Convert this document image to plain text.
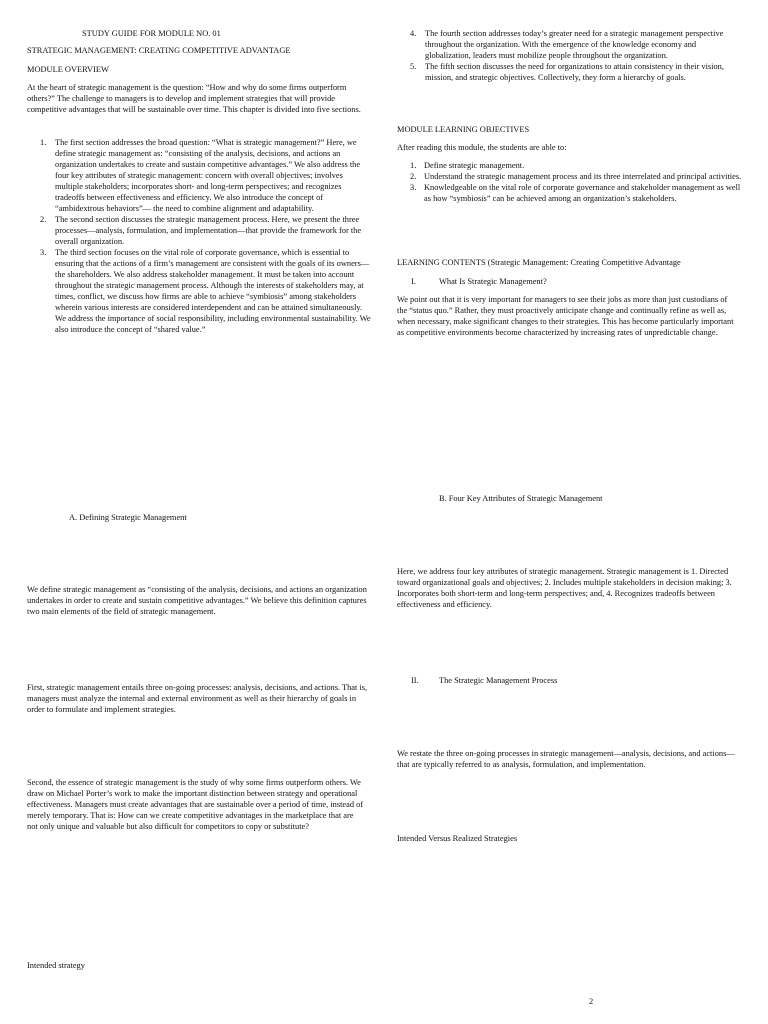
STUDY GUIDE FOR MODULE NO. 01
STRATEGIC MANAGEMENT: CREATING COMPETITIVE ADVANTAGE
MODULE OVERVIEW

At the heart of strategic management is the question: “How and why do some firms outperform others?” The challenge to managers is to develop and implement strategies that will provide competitive advantages that will be sustainable over time. This chapter is divided into five sections.

1. The first section addresses the broad question: “What is strategic management?” Here, we define strategic management as: “consisting of the analysis, decisions, and actions an organization undertakes to create and sustain competitive advantages.” We also address the four key attributes of strategic management: concern with overall objectives; involves multiple stakeholders; incorporates short- and long-term perspectives; and recognizes tradeoffs between effectiveness and efficiency. We also introduce the concept of “ambidextrous behaviors”— the need to combine alignment and adaptability.
2. The second section discusses the strategic management process. Here, we present the three processes—analysis, formulation, and implementation—that provide the framework for the overall organization.
3. The third section focuses on the vital role of corporate governance, which is essential to ensuring that the actions of a firm’s management are consistent with the goals of its owners—the shareholders. We also address stakeholder management. It must be taken into account throughout the strategic management process. Although the interests of stakeholders may, at times, conflict, we discuss how firms are able to achieve “symbiosis” among stakeholders wherein various interests are considered interdependent and can be attained simultaneously. We address the importance of social responsibility, including environmental sustainability. We also introduce the concept of “shared value.”
A. Defining Strategic Management

We define strategic management as “consisting of the analysis, decisions, and actions an organization undertakes in order to create and sustain competitive advantages.” We believe this definition captures two main elements of the field of strategic management.

First, strategic management entails three on-going processes: analysis, decisions, and actions. That is, managers must analyze the internal and external environment as well as their hierarchy of goals in order to formulate and implement strategies.

Second, the essence of strategic management is the study of why some firms outperform others. We draw on Michael Porter’s work to make the important distinction between strategy and operational effectiveness. Managers must create advantages that are sustainable over a period of time, instead of merely temporary. That is: How can we create competitive advantages in the marketplace that are not only unique and valuable but also difficult for competitors to copy or substitute?

Intended strategy
4. The fourth section addresses today’s greater need for a strategic management perspective throughout the organization. With the emergence of the knowledge economy and globalization, leaders must mobilize people throughout the organization.
5. The fifth section discusses the need for organizations to attain consistency in their vision, mission, and strategic objectives. Collectively, they form a hierarchy of goals.
MODULE LEARNING OBJECTIVES
After reading this module, the students are able to:
1. Define strategic management.
2. Understand the strategic management process and its three interrelated and principal activities.
3. Knowledgeable on the vital role of corporate governance and stakeholder management as well as how “symbiosis” can be achieved among an organization’s stakeholders.
LEARNING CONTENTS (Strategic Management: Creating Competitive Advantage
I.	What Is Strategic Management?

We point out that it is very important for managers to see their jobs as more than just custodians of the “status quo.” Rather, they must proactively anticipate change and continually refine as well as, when necessary, make significant changes to their strategies. This has become particularly important as competitive environments become characterized by increasing rates of unpredictable change.

B. Four Key Attributes of Strategic Management

Here, we address four key attributes of strategic management. Strategic management is 1. Directed toward organizational goals and objectives; 2. Includes multiple stakeholders in decision making; 3. Incorporates both short-term and long-term perspectives; and, 4. Recognizes tradeoffs between effectiveness and efficiency.

II. The Strategic Management Process

We restate the three on-going processes in strategic management—analysis, decisions, and actions—that are typically referred to as analysis, formulation, and implementation.

Intended Versus Realized Strategies
2
